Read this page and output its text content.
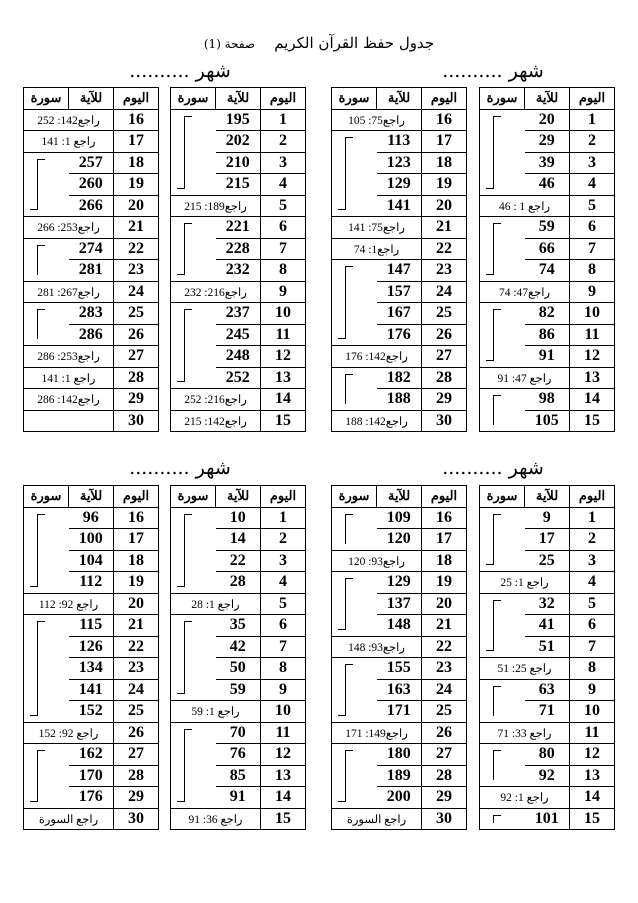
جدول حفظ القرآن الكريم    صفحة (1)
شهر ..........
شهر ..........
شهر ..........
شهر ..........
اليوم	للآية	سورة
1	20	

2	29	
3	39	
4	46	
5	راجع 1 : 46	
6	59	

7	66	
8	74	
9	راجع47: 74	
10	82	

11	86	
12	91	
13	راجع 47: 91	
14	98	

15	105	
اليوم	للآية	سورة
16	راجع75: 105	
17	113	

18	123	
19	129	
20	141	
21	راجع75: 141	
22	راجع1: 74	
23	147	

24	157	
25	167	
26	176	
27	راجع142: 176	
28	182	

29	188	
30	راجع142: 188	
اليوم	للآية	سورة
1	195	

2	202	
3	210	
4	215	
5	راجع189: 215	
6	221	

7	228	
8	232	
9	راجع216: 232	
10	237	

11	245	
12	248	
13	252	
14	راجع216: 252	
15	راجع142: 215	
اليوم	للآية	سورة
16	راجع142: 252	
17	راجع 1: 141	
18	257	

19	260	
20	266	
21	راجع253: 266	
22	274	

23	281	
24	راجع267: 281	
25	283	

26	286	
27	راجع253: 286	
28	راجع 1: 141	
29	راجع142: 286	
30		
اليوم	للآية	سورة
1	9	

2	17	
3	25	
4	راجع 1: 25	
5	32	

6	41	
7	51	
8	راجع 25: 51	
9	63	

10	71	
11	راجع 33: 71	
12	80	

13	92	
14	راجع 1: 92	
15	101	
اليوم	للآية	سورة
16	109	

17	120	
18	راجع93: 120	
19	129	

20	137	
21	148	
22	راجع93: 148	
23	155	

24	163	
25	171	
26	راجع149: 171	
27	180	

28	189	
29	200	
30	راجع السورة	
اليوم	للآية	سورة
1	10	

2	14	
3	22	
4	28	
5	راجع 1: 28	
6	35	

7	42	
8	50	
9	59	
10	راجع 1: 59	
11	70	

12	76	
13	85	
14	91	
15	راجع 36: 91	
اليوم	للآية	سورة
16	96	

17	100	
18	104	
19	112	
20	راجع 92: 112	
21	115	

22	126	
23	134	
24	141	
25	152	
26	راجع 92: 152	
27	162	

28	170	
29	176	
30	راجع السورة	
